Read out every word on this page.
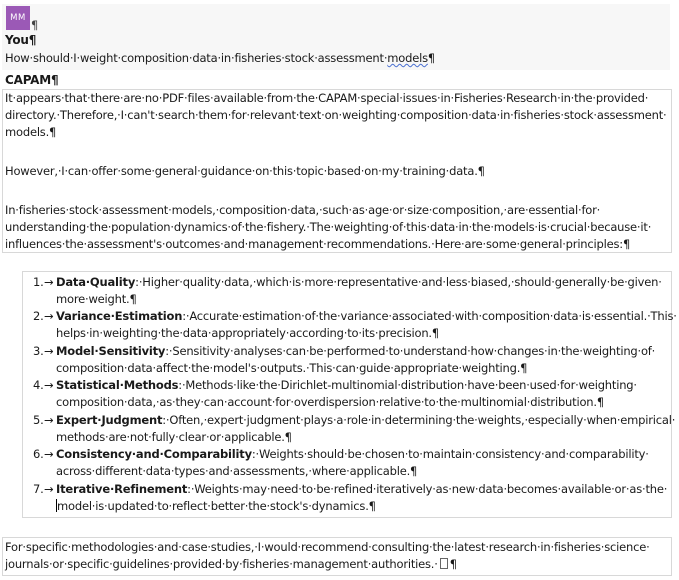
MM ¶
You¶
How·should·I·weight·composition·data·in·fisheries·stock·assessment·models¶
CAPAM¶
It·appears·that·there·are·no·PDF·files·available·from·the·CAPAM·special·issues·in·Fisheries·Research·in·the·provided·
directory.·Therefore,·I·can't·search·them·for·relevant·text·on·weighting·composition·data·in·fisheries·stock·assessment·
models.¶
However,·I·can·offer·some·general·guidance·on·this·topic·based·on·my·training·data.¶
In·fisheries·stock·assessment·models,·composition·data,·such·as·age·or·size·composition,·are·essential·for·
understanding·the·population·dynamics·of·the·fishery.·The·weighting·of·this·data·in·the·models·is·crucial·because·it·
influences·the·assessment's·outcomes·and·management·recommendations.·Here·are·some·general·principles:¶
1. → Data·Quality:·Higher·quality·data,·which·is·more·representative·and·less·biased,·should·generally·be·given·
more·weight.¶
2. → Variance·Estimation:·Accurate·estimation·of·the·variance·associated·with·composition·data·is·essential.·This·
helps·in·weighting·the·data·appropriately·according·to·its·precision.¶
3. → Model·Sensitivity:·Sensitivity·analyses·can·be·performed·to·understand·how·changes·in·the·weighting·of·
composition·data·affect·the·model's·outputs.·This·can·guide·appropriate·weighting.¶
4. → Statistical·Methods:·Methods·like·the·Dirichlet-multinomial·distribution·have·been·used·for·weighting·
composition·data,·as·they·can·account·for·overdispersion·relative·to·the·multinomial·distribution.¶
5. → Expert·Judgment:·Often,·expert·judgment·plays·a·role·in·determining·the·weights,·especially·when·empirical·
methods·are·not·fully·clear·or·applicable.¶
6. → Consistency·and·Comparability:·Weights·should·be·chosen·to·maintain·consistency·and·comparability·
across·different·data·types·and·assessments,·where·applicable.¶
7. → Iterative·Refinement:·Weights·may·need·to·be·refined·iteratively·as·new·data·becomes·available·or·as·the·
model·is·updated·to·reflect·better·the·stock's·dynamics.¶
For·specific·methodologies·and·case·studies,·I·would·recommend·consulting·the·latest·research·in·fisheries·science·
journals·or·specific·guidelines·provided·by·fisheries·management·authorities.· ¶
